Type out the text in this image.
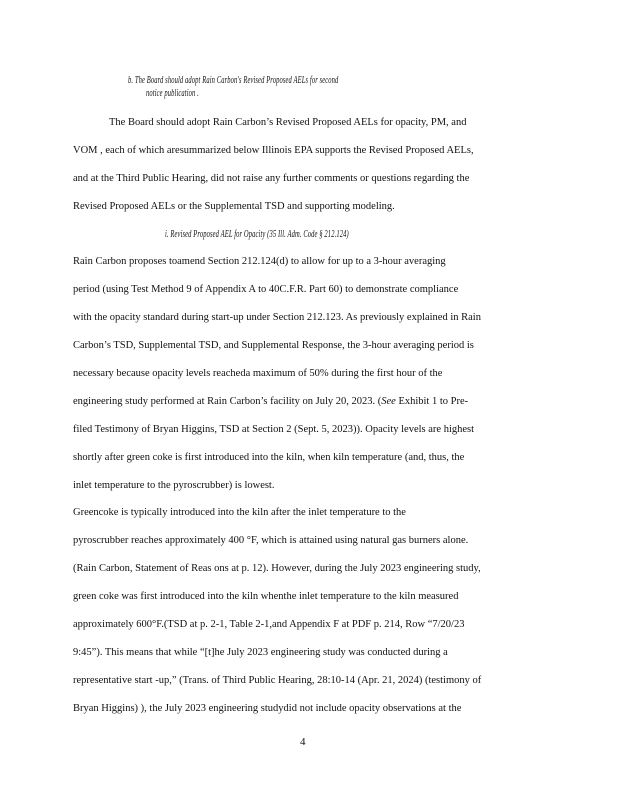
b. The Board should adopt Rain Carbon's Revised Proposed AELs for second
notice publication .
The Board should adopt Rain Carbon’s Revised Proposed AELs for opacity, PM, and
VOM , each of which aresummarized below Illinois EPA supports the Revised Proposed AELs,
and at the Third Public Hearing, did not raise any further comments or questions regarding the
Revised Proposed AELs or the Supplemental TSD and supporting modeling.
i. Revised Proposed AEL for Opacity (35 Ill. Adm. Code § 212.124)
Rain Carbon proposes toamend Section 212.124(d) to allow for up to a 3-hour averaging
period (using Test Method 9 of Appendix A to 40C.F.R. Part 60) to demonstrate compliance
with the opacity standard during start-up under Section 212.123. As previously explained in Rain
Carbon’s TSD, Supplemental TSD, and Supplemental Response, the 3-hour averaging period is
necessary because opacity levels reacheda maximum of 50% during the first hour of the
engineering study performed at Rain Carbon’s facility on July 20, 2023. (See Exhibit 1 to Pre-
filed Testimony of Bryan Higgins, TSD at Section 2 (Sept. 5, 2023)). Opacity levels are highest
shortly after green coke is first introduced into the kiln, when kiln temperature (and, thus, the
inlet temperature to the pyroscrubber) is lowest.
Greencoke is typically introduced into the kiln after the inlet temperature to the
pyroscrubber reaches approximately 400 °F, which is attained using natural gas burners alone.
(Rain Carbon, Statement of Reas ons at p. 12). However, during the July 2023 engineering study,
green coke was first introduced into the kiln whenthe inlet temperature to the kiln measured
approximately 600°F.(TSD at p. 2-1, Table 2-1,and Appendix F at PDF p. 214, Row “7/20/23
9:45”). This means that while “[t]he July 2023 engineering study was conducted during a
representative start -up,” (Trans. of Third Public Hearing, 28:10-14 (Apr. 21, 2024) (testimony of
Bryan Higgins) ), the July 2023 engineering studydid not include opacity observations at the
4
